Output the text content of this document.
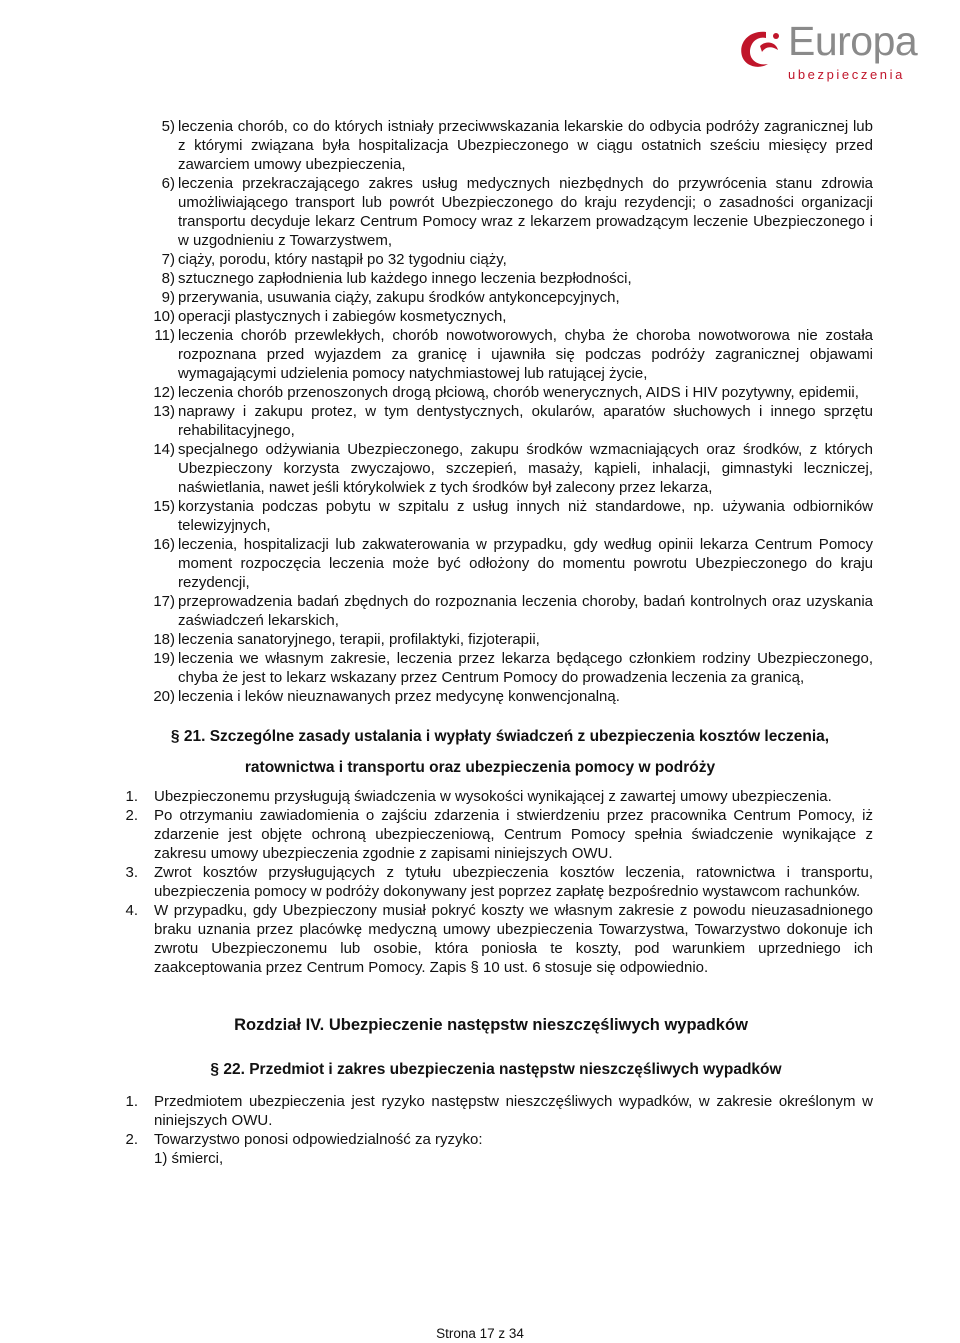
Europa
ubezpieczenia
5) leczenia chorób, co do których istniały przeciwwskazania lekarskie do odbycia podróży zagranicznej lub z którymi związana była hospitalizacja Ubezpieczonego w ciągu ostatnich sześciu miesięcy przed zawarciem umowy ubezpieczenia,
6) leczenia przekraczającego zakres usług medycznych niezbędnych do przywrócenia stanu zdrowia umożliwiającego transport lub powrót Ubezpieczonego do kraju rezydencji; o zasadności organizacji transportu decyduje lekarz Centrum Pomocy wraz z lekarzem prowadzącym leczenie Ubezpieczonego i w uzgodnieniu z Towarzystwem,
7) ciąży, porodu, który nastąpił po 32 tygodniu ciąży,
8) sztucznego zapłodnienia lub każdego innego leczenia bezpłodności,
9) przerywania, usuwania ciąży, zakupu środków antykoncepcyjnych,
10) operacji plastycznych i zabiegów kosmetycznych,
11) leczenia chorób przewlekłych, chorób nowotworowych, chyba że choroba nowotworowa nie została rozpoznana przed wyjazdem za granicę i ujawniła się podczas podróży zagranicznej objawami wymagającymi udzielenia pomocy natychmiastowej lub ratującej życie,
12) leczenia chorób przenoszonych drogą płciową, chorób wenerycznych, AIDS i HIV pozytywny, epidemii,
13) naprawy i zakupu protez, w tym dentystycznych, okularów, aparatów słuchowych i innego sprzętu rehabilitacyjnego,
14) specjalnego odżywiania Ubezpieczonego, zakupu środków wzmacniających oraz środków, z których Ubezpieczony korzysta zwyczajowo, szczepień, masaży, kąpieli, inhalacji, gimnastyki leczniczej, naświetlania, nawet jeśli którykolwiek z tych środków był zalecony przez lekarza,
15) korzystania podczas pobytu w szpitalu z usług innych niż standardowe, np. używania odbiorników telewizyjnych,
16) leczenia, hospitalizacji lub zakwaterowania w przypadku, gdy według opinii lekarza Centrum Pomocy moment rozpoczęcia leczenia może być odłożony do momentu powrotu Ubezpieczonego do kraju rezydencji,
17) przeprowadzenia badań zbędnych do rozpoznania leczenia choroby, badań kontrolnych oraz uzyskania zaświadczeń lekarskich,
18) leczenia sanatoryjnego, terapii, profilaktyki, fizjoterapii,
19) leczenia we własnym zakresie, leczenia przez lekarza będącego członkiem rodziny Ubezpieczonego, chyba że jest to lekarz wskazany przez Centrum Pomocy do prowadzenia leczenia za granicą,
20) leczenia i leków nieuznawanych przez medycynę konwencjonalną.
§ 21. Szczególne zasady ustalania i wypłaty świadczeń z ubezpieczenia kosztów leczenia,
ratownictwa i transportu oraz ubezpieczenia pomocy w podróży
1. Ubezpieczonemu przysługują świadczenia w wysokości wynikającej z zawartej umowy ubezpieczenia.
2. Po otrzymaniu zawiadomienia o zajściu zdarzenia i stwierdzeniu przez pracownika Centrum Pomocy, iż zdarzenie jest objęte ochroną ubezpieczeniową, Centrum Pomocy spełnia świadczenie wynikające z zakresu umowy ubezpieczenia zgodnie z zapisami niniejszych OWU.
3. Zwrot kosztów przysługujących z tytułu ubezpieczenia kosztów leczenia, ratownictwa i transportu, ubezpieczenia pomocy w podróży dokonywany jest poprzez zapłatę bezpośrednio wystawcom rachunków.
4. W przypadku, gdy Ubezpieczony musiał pokryć koszty we własnym zakresie z powodu nieuzasadnionego braku uznania przez placówkę medyczną umowy ubezpieczenia Towarzystwa, Towarzystwo dokonuje ich zwrotu Ubezpieczonemu lub osobie, która poniosła te koszty, pod warunkiem uprzedniego ich zaakceptowania przez Centrum Pomocy. Zapis § 10 ust. 6 stosuje się odpowiednio.
Rozdział IV. Ubezpieczenie następstw nieszczęśliwych wypadków
§ 22. Przedmiot i zakres ubezpieczenia następstw nieszczęśliwych wypadków
1. Przedmiotem ubezpieczenia jest ryzyko następstw nieszczęśliwych wypadków, w zakresie określonym w niniejszych OWU.
2. Towarzystwo ponosi odpowiedzialność za ryzyko:
1) śmierci,
Strona 17 z 34
